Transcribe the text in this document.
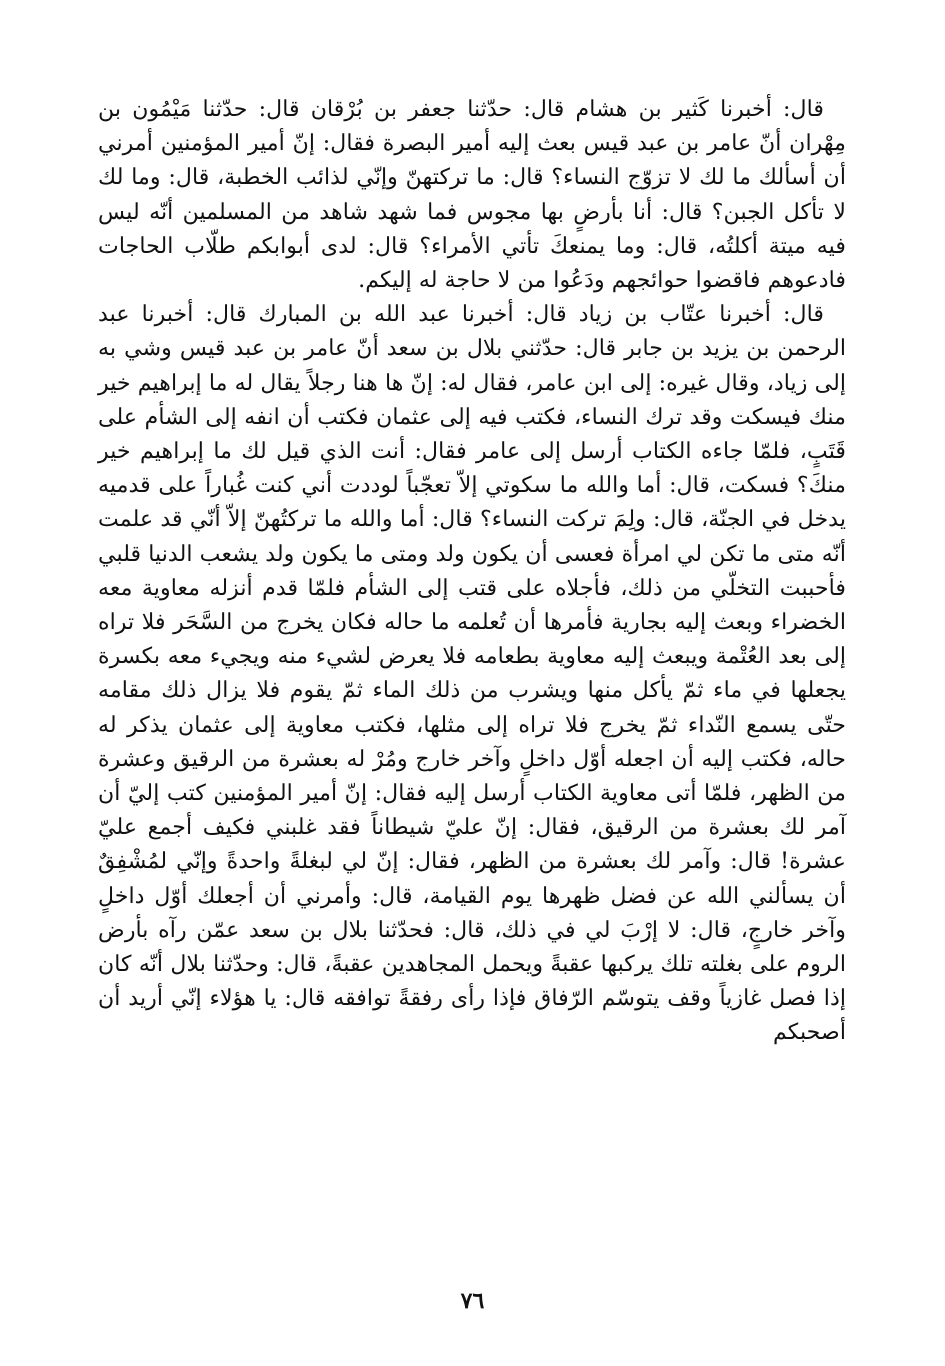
قال: أخبرنا كَثير بن هشام قال: حدّثنا جعفر بن بُرْقان قال: حدّثنا مَيْمُون بن مِهْران أنّ عامر بن عبد قيس بعث إليه أمير البصرة فقال: إنّ أمير المؤمنين أمرني أن أسألك ما لك لا تزوّج النساء؟ قال: ما تركتهنّ وإنّي لذائب الخطبة، قال: وما لك لا تأكل الجبن؟ قال: أنا بأرضٍ بها مجوس فما شهد شاهد من المسلمين أنّه ليس فيه ميتة أكلتُه، قال: وما يمنعكَ تأتي الأمراء؟ قال: لدى أبوابكم طلّاب الحاجات فادعوهم فاقضوا حوائجهم ودَعُوا من لا حاجة له إليكم.

قال: أخبرنا عتّاب بن زياد قال: أخبرنا عبد الله بن المبارك قال: أخبرنا عبد الرحمن بن يزيد بن جابر قال: حدّثني بلال بن سعد أنّ عامر بن عبد قيس وشي به إلى زياد، وقال غيره: إلى ابن عامر، فقال له: إنّ ها هنا رجلاً يقال له ما إبراهيم خير منك فيسكت وقد ترك النساء، فكتب فيه إلى عثمان فكتب أن انفه إلى الشأم على قَتَبٍ، فلمّا جاءه الكتاب أرسل إلى عامر فقال: أنت الذي قيل لك ما إبراهيم خير منكَ؟ فسكت، قال: أما والله ما سكوتي إلاّ تعجّباً لوددت أني كنت غُباراً على قدميه يدخل في الجنّة، قال: ولِمَ تركت النساء؟ قال: أما والله ما تركتُهنّ إلاّ أنّي قد علمت أنّه متى ما تكن لي امرأة فعسى أن يكون ولد ومتى ما يكون ولد يشعب الدنيا قلبي فأحببت التخلّي من ذلك، فأجلاه على قتب إلى الشأم فلمّا قدم أنزله معاوية معه الخضراء وبعث إليه بجارية فأمرها أن تُعلمه ما حاله فكان يخرج من السَّحَر فلا تراه إلى بعد العُتْمة ويبعث إليه معاوية بطعامه فلا يعرض لشيء منه ويجيء معه بكسرة يجعلها في ماء ثمّ يأكل منها ويشرب من ذلك الماء ثمّ يقوم فلا يزال ذلك مقامه حتّى يسمع النّداء ثمّ يخرج فلا تراه إلى مثلها، فكتب معاوية إلى عثمان يذكر له حاله، فكتب إليه أن اجعله أوّل داخلٍ وآخر خارج ومُرْ له بعشرة من الرقيق وعشرة من الظهر، فلمّا أتى معاوية الكتاب أرسل إليه فقال: إنّ أمير المؤمنين كتب إليّ أن آمر لك بعشرة من الرقيق، فقال: إنّ عليّ شيطاناً فقد غلبني فكيف أجمع عليّ عشرة! قال: وآمر لك بعشرة من الظهر، فقال: إنّ لي لبغلةً واحدةً وإنّي لمُشْفِقٌ أن يسألني الله عن فضل ظهرها يوم القيامة، قال: وأمرني أن أجعلك أوّل داخلٍ وآخر خارجٍ، قال: لا إرْبَ لي في ذلك، قال: فحدّثنا بلال بن سعد عمّن رآه بأرض الروم على بغلته تلك يركبها عقبةً ويحمل المجاهدين عقبةً، قال: وحدّثنا بلال أنّه كان إذا فصل غازياً وقف يتوسّم الرّفاق فإذا رأى رفقةً توافقه قال: يا هؤلاء إنّي أريد أن أصحبكم

٧٦
